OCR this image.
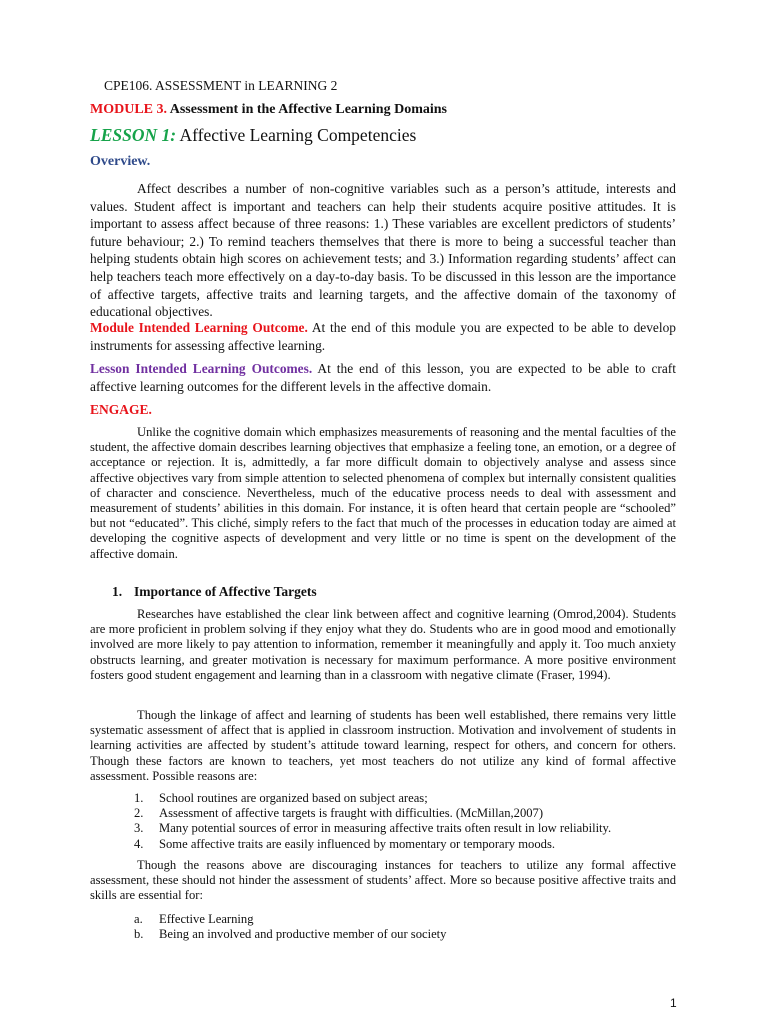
CPE106. ASSESSMENT in LEARNING 2
MODULE 3. Assessment in the Affective Learning Domains
LESSON 1: Affective Learning Competencies
Overview.

Affect describes a number of non-cognitive variables such as a person’s attitude, interests and values. Student affect is important and teachers can help their students acquire positive attitudes. It is important to assess affect because of three reasons: 1.) These variables are excellent predictors of students’ future behaviour; 2.) To remind teachers themselves that there is more to being a successful teacher than helping students obtain high scores on achievement tests; and 3.) Information regarding students’ affect can help teachers teach more effectively on a day-to-day basis. To be discussed in this lesson are the importance of affective targets, affective traits and learning targets, and the affective domain of the taxonomy of educational objectives.

Module Intended Learning Outcome. At the end of this module you are expected to be able to develop instruments for assessing affective learning.

Lesson Intended Learning Outcomes. At the end of this lesson, you are expected to be able to craft affective learning outcomes for the different levels in the affective domain.

ENGAGE.

Unlike the cognitive domain which emphasizes measurements of reasoning and the mental faculties of the student, the affective domain describes learning objectives that emphasize a feeling tone, an emotion, or a degree of acceptance or rejection. It is, admittedly, a far more difficult domain to objectively analyse and assess since affective objectives vary from simple attention to selected phenomena of complex but internally consistent qualities of character and conscience. Nevertheless, much of the educative process needs to deal with assessment and measurement of students’ abilities in this domain. For instance, it is often heard that certain people are “schooled” but not “educated”. This cliché, simply refers to the fact that much of the processes in education today are aimed at developing the cognitive aspects of development and very little or no time is spent on the development of the affective domain.

1. Importance of Affective Targets

Researches have established the clear link between affect and cognitive learning (Omrod,2004). Students are more proficient in problem solving if they enjoy what they do. Students who are in good mood and emotionally involved are more likely to pay attention to information, remember it meaningfully and apply it. Too much anxiety obstructs learning, and greater motivation is necessary for maximum performance. A more positive environment fosters good student engagement and learning than in a classroom with negative climate (Fraser, 1994).

Though the linkage of affect and learning of students has been well established, there remains very little systematic assessment of affect that is applied in classroom instruction. Motivation and involvement of students in learning activities are affected by student’s attitude toward learning, respect for others, and concern for others. Though these factors are known to teachers, yet most teachers do not utilize any kind of formal affective assessment. Possible reasons are:

1. School routines are organized based on subject areas;
2. Assessment of affective targets is fraught with difficulties. (McMillan,2007)
3. Many potential sources of error in measuring affective traits often result in low reliability.
4. Some affective traits are easily influenced by momentary or temporary moods.

Though the reasons above are discouraging instances for teachers to utilize any formal affective assessment, these should not hinder the assessment of students’ affect. More so because positive affective traits and skills are essential for:

a. Effective Learning
b. Being an involved and productive member of our society
1
